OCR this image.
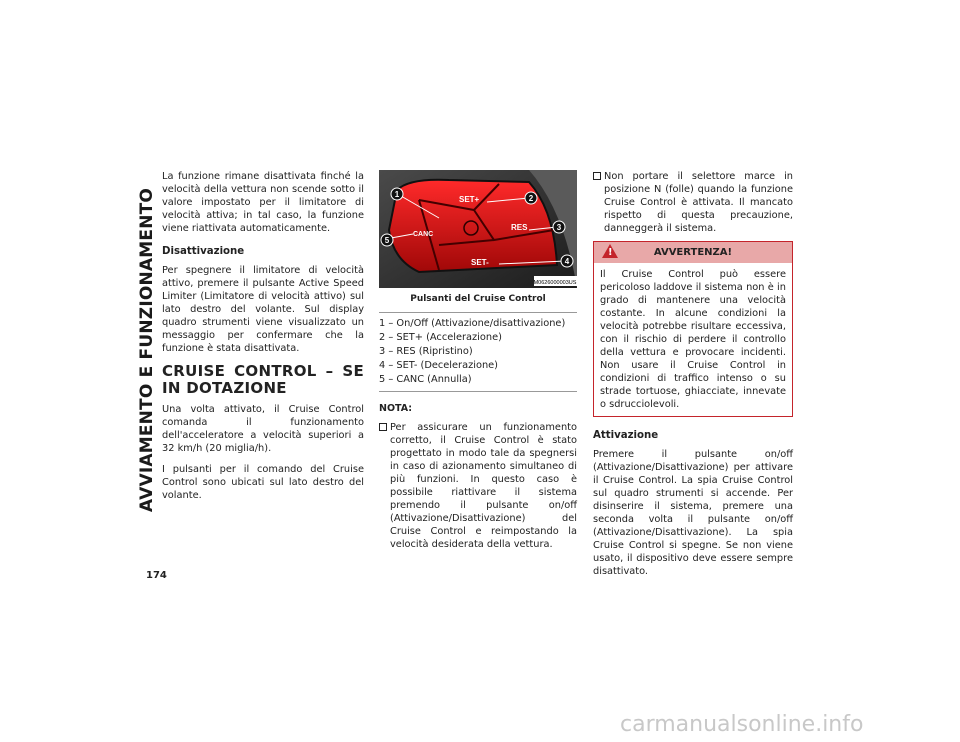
AVVIAMENTO E FUNZIONAMENTO
174

La funzione rimane disattivata finché la velocità della vettura non scende sotto il valore impostato per il limitatore di velocità attiva; in tal caso, la funzione viene riattivata automaticamente.

Disattivazione

Per spegnere il limitatore di velocità attivo, premere il pulsante Active Speed Limiter (Limitatore di velocità attivo) sul lato destro del volante. Sul display quadro strumenti viene visualizzato un messaggio per confermare che la funzione è stata disattivata.

CRUISE CONTROL – SE IN DOTAZIONE

Una volta attivato, il Cruise Control comanda il funzionamento dell'acceleratore a velocità superiori a 32 km/h (20 miglia/h).

I pulsanti per il comando del Cruise Control sono ubicati sul lato destro del volante.

SET+
RES
CANC
SET-
1	2
3
4
5
M0626000003US
Pulsanti del Cruise Control
1 – On/Off (Attivazione/disattivazione)
2 – SET+ (Accelerazione)
3 – RES (Ripristino)
4 – SET- (Decelerazione)
5 – CANC (Annulla)
NOTA:
Per assicurare un funzionamento corretto, il Cruise Control è stato progettato in modo tale da spegnersi in caso di azionamento simultaneo di più funzioni. In questo caso è possibile riattivare il sistema premendo il pulsante on/off (Attivazione/Disattivazione) del Cruise Control e reimpostando la velocità desiderata della vettura.
Non portare il selettore marce in posizione N (folle) quando la funzione Cruise Control è attivata. Il mancato rispetto di questa precauzione, danneggerà il sistema.
!	AVVERTENZA!
Il Cruise Control può essere pericoloso laddove il sistema non è in grado di mantenere una velocità costante. In alcune condizioni la velocità potrebbe risultare eccessiva, con il rischio di perdere il controllo della vettura e provocare incidenti. Non usare il Cruise Control in condizioni di traffico intenso o su strade tortuose, ghiacciate, innevate o sdrucciolevoli.
Attivazione

Premere il pulsante on/off (Attivazione/Disattivazione) per attivare il Cruise Control. La spia Cruise Control sul quadro strumenti si accende. Per disinserire il sistema, premere una seconda volta il pulsante on/off (Attivazione/Disattivazione). La spia Cruise Control si spegne. Se non viene usato, il dispositivo deve essere sempre disattivato.

carmanualsonline.info
